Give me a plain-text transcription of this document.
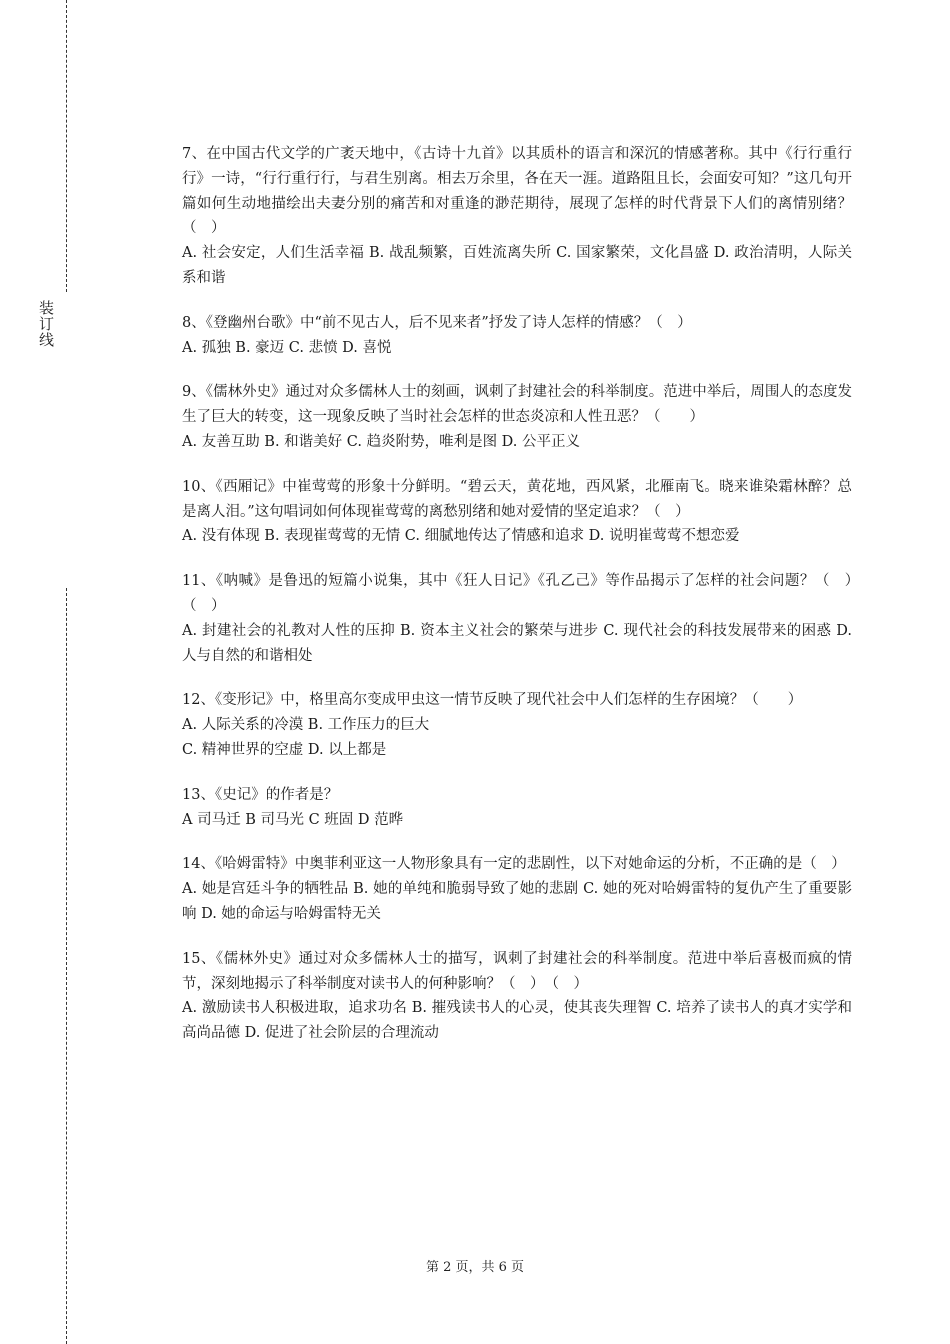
装订线
7、在中国古代文学的广袤天地中，《古诗十九首》以其质朴的语言和深沉的情感著称。其中《行行重行行》一诗，“行行重行行，与君生别离。相去万余里，各在天一涯。道路阻且长，会面安可知？”这几句开篇如何生动地描绘出夫妻分别的痛苦和对重逢的渺茫期待，展现了怎样的时代背景下人们的离情别绪？（　）

A. 社会安定，人们生活幸福 B. 战乱频繁，百姓流离失所 C. 国家繁荣，文化昌盛 D. 政治清明，人际关系和谐

8、《登幽州台歌》中“前不见古人，后不见来者”抒发了诗人怎样的情感？（　）

A. 孤独 B. 豪迈 C. 悲愤 D. 喜悦

9、《儒林外史》通过对众多儒林人士的刻画，讽刺了封建社会的科举制度。范进中举后，周围人的态度发生了巨大的转变，这一现象反映了当时社会怎样的世态炎凉和人性丑恶？（　　）

A. 友善互助 B. 和谐美好 C. 趋炎附势，唯利是图 D. 公平正义

10、《西厢记》中崔莺莺的形象十分鲜明。“碧云天，黄花地，西风紧，北雁南飞。晓来谁染霜林醉？总是离人泪。”这句唱词如何体现崔莺莺的离愁别绪和她对爱情的坚定追求？（　）

A. 没有体现 B. 表现崔莺莺的无情 C. 细腻地传达了情感和追求 D. 说明崔莺莺不想恋爱

11、《呐喊》是鲁迅的短篇小说集，其中《狂人日记》《孔乙己》等作品揭示了怎样的社会问题？（　）　（　）

A. 封建社会的礼教对人性的压抑 B. 资本主义社会的繁荣与进步 C. 现代社会的科技发展带来的困惑 D. 人与自然的和谐相处

12、《变形记》中，格里高尔变成甲虫这一情节反映了现代社会中人们怎样的生存困境？（　　）

A. 人际关系的冷漠 B. 工作压力的巨大

C. 精神世界的空虚 D. 以上都是

13、《史记》的作者是？

A 司马迁 B 司马光 C 班固 D 范晔

14、《哈姆雷特》中奥菲利亚这一人物形象具有一定的悲剧性，以下对她命运的分析，不正确的是（　）

A. 她是宫廷斗争的牺牲品 B. 她的单纯和脆弱导致了她的悲剧 C. 她的死对哈姆雷特的复仇产生了重要影响 D. 她的命运与哈姆雷特无关

15、《儒林外史》通过对众多儒林人士的描写，讽刺了封建社会的科举制度。范进中举后喜极而疯的情节，深刻地揭示了科举制度对读书人的何种影响？（　）　（　）

A. 激励读书人积极进取，追求功名 B. 摧残读书人的心灵，使其丧失理智 C. 培养了读书人的真才实学和高尚品德 D. 促进了社会阶层的合理流动

第 2 页，共 6 页
